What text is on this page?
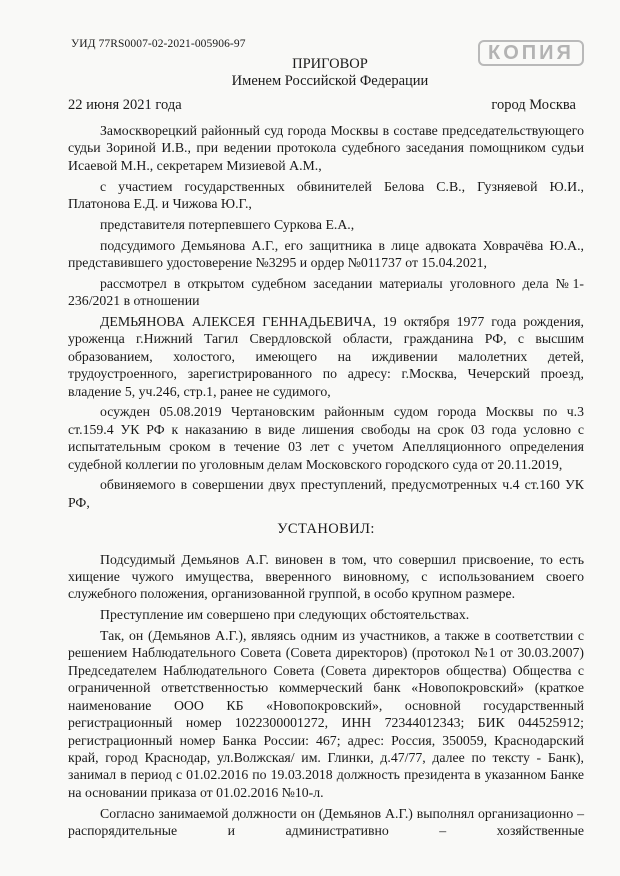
УИД 77RS0007-02-2021-005906-97	КОПИЯ
ПРИГОВОР
Именем Российской Федерации
22 июня 2021 года	город Москва

Замоскворецкий районный суд города Москвы в составе председательствующего судьи Зориной И.В., при ведении протокола судебного заседания помощником судьи Исаевой М.Н., секретарем Мизиевой А.М.,

с участием государственных обвинителей Белова С.В., Гузняевой Ю.И., Платонова Е.Д. и Чижова Ю.Г.,

представителя потерпевшего Суркова Е.А.,

подсудимого Демьянова А.Г., его защитника в лице адвоката Ховрачёва Ю.А., представившего удостоверение №3295 и ордер №011737 от 15.04.2021,

рассмотрел в открытом судебном заседании материалы уголовного дела №1-236/2021 в отношении

ДЕМЬЯНОВА АЛЕКСЕЯ ГЕННАДЬЕВИЧА, 19 октября 1977 года рождения, уроженца г.Нижний Тагил Свердловской области, гражданина РФ, с высшим образованием, холостого, имеющего на иждивении малолетних детей, трудоустроенного, зарегистрированного по адресу: г.Москва, Чечерский проезд, владение 5, уч.246, стр.1, ранее не судимого,

осужден 05.08.2019 Чертановским районным судом города Москвы по ч.3 ст.159.4 УК РФ к наказанию в виде лишения свободы на срок 03 года условно с испытательным сроком в течение 03 лет с учетом Апелляционного определения судебной коллегии по уголовным делам Московского городского суда от 20.11.2019,

обвиняемого в совершении двух преступлений, предусмотренных ч.4 ст.160 УК РФ,

УСТАНОВИЛ:

Подсудимый Демьянов А.Г. виновен в том, что совершил присвоение, то есть хищение чужого имущества, вверенного виновному, с использованием своего служебного положения, организованной группой, в особо крупном размере.

Преступление им совершено при следующих обстоятельствах.

Так, он (Демьянов А.Г.), являясь одним из участников, а также в соответствии с решением Наблюдательного Совета (Совета директоров) (протокол №1 от 30.03.2007) Председателем Наблюдательного Совета (Совета директоров общества) Общества с ограниченной ответственностью коммерческий банк «Новопокровский» (краткое наименование ООО КБ «Новопокровский», основной государственный регистрационный номер 1022300001272, ИНН 72344012343; БИК 044525912; регистрационный номер Банка России: 467; адрес: Россия, 350059, Краснодарский край, город Краснодар, ул.Волжская/ им. Глинки, д.47/77, далее по тексту - Банк), занимал в период с 01.02.2016 по 19.03.2018 должность президента в указанном Банке на основании приказа от 01.02.2016 №10-л.

Согласно занимаемой должности он (Демьянов А.Г.) выполнял организационно – распорядительные и административно – хозяйственные
